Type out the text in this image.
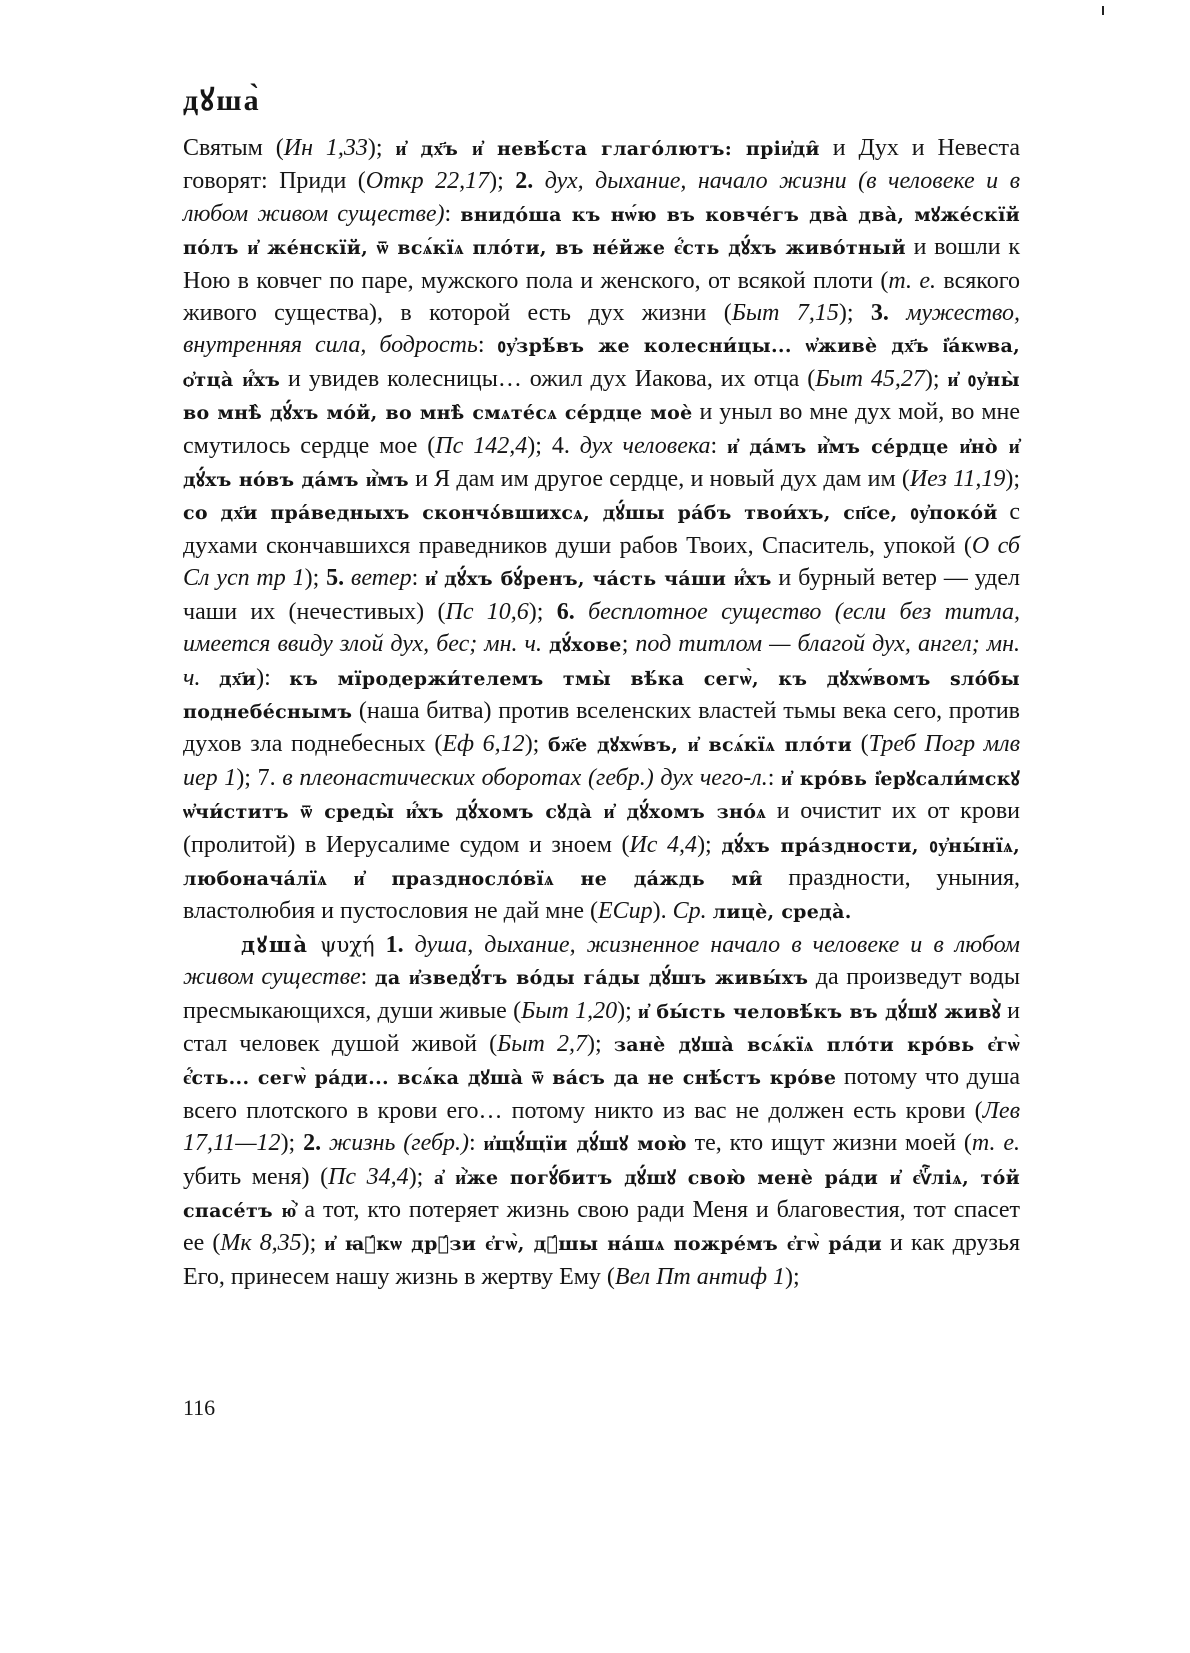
дꙋша̀

Святым (Ин 1,33); и҆ дх҃ъ и҆ невѣ́ста глаго́лютъ: пріи҆ди̑ и Дух и Невеста говорят: Приди (Откр 22,17); 2. дух, дыхание, начало жизни (в человеке и в любом живом существе): внидо́ша къ нѡ́ю въ ковче́гъ два̀ два̀, мꙋже́скїй по́лъ и҆ же́нскїй, ѿ всѧ́кїѧ пло́ти, въ не́йже є҆́сть дꙋ́хъ живо́тный и вошли к Ною в ковчег по паре, мужского пола и женского, от всякой плоти (т. е. всякого живого существа), в которой есть дух жизни (Быт 7,15); 3. мужество, внутренняя сила, бодрость: ᲂу҆зрѣ́въ же колесни́цы... ѡ҆живѐ дх҃ъ і҆а́кѡва, ѻ҆тца̀ и҆́хъ и увидев колесницы… ожил дух Иакова, их отца (Быт 45,27); и҆ ᲂу҆ны̀ во мнѣ̀ дꙋ́хъ мо́й, во мнѣ̀ смѧте́сѧ се́рдце моѐ и уныл во мне дух мой, во мне смутилось сердце мое (Пс 142,4); 4. дух человека: и҆ да́мъ и҆̀мъ се́рдце и҆но̀ и҆ дꙋ́хъ но́въ да́мъ и҆̀мъ и Я дам им другое сердце, и новый дух дам им (Иез 11,19); со дх҃и пра́ведныхъ скончა́вшихсѧ, дꙋ́шы ра́бъ твои́хъ, сп҃се, ᲂу҆поко́й с духами скончавшихся праведников души рабов Твоих, Спаситель, упокой (О сб Сл усп тр 1); 5. ветер: и҆ дꙋ́хъ бꙋ́ренъ, ча́сть ча́ши и҆́хъ и бурный ветер — удел чаши их (нечестивых) (Пс 10,6); 6. бесплотное существо (если без титла, имеется ввиду злой дух, бес; мн. ч. дꙋ́хове; под титлом — благой дух, ангел; мн. ч. дх҃и): къ мїродержи́телемъ тмы̀ вѣ́ка сегѡ̀, къ дꙋхѡ́вомъ ѕло́бы поднебе́снымъ (наша битва) против вселенских властей тьмы века сего, против духов зла поднебесных (Еф 6,12); бж҃е дꙋхѡ́въ, и҆ всѧ́кїѧ пло́ти (Треб Погр млв иер 1); 7. в плеонастических оборотах (гебр.) дух чего-л.: и҆ кро́вь і҆ерꙋсали́мскꙋ ѡ҆чи́ститъ ѿ среды̀ и҆́хъ дꙋ́хомъ сꙋда̀ и҆ дꙋ́хомъ зно́ѧ и очистит их от крови (пролитой) в Иерусалиме судом и зноем (Ис 4,4); дꙋ́хъ пра́здности, ᲂу҆ны́нїѧ, любонача́лїѧ и҆ праздносло́вїѧ не да́ждь ми̑ праздности, уныния, властолюбия и пустословия не дай мне (ЕСир). Ср. лицѐ, среда̀.

дꙋша̀ ψυχή 1. душа, дыхание, жизненное начало в человеке и в любом живом существе: да и҆зведꙋ́тъ во́ды га́ды дꙋ́шъ живы́хъ да произведут воды пресмыкающихся, души живые (Быт 1,20); и҆ бы́сть человѣ́къ въ дꙋ́шꙋ живꙋ̀ и стал человек душой живой (Быт 2,7); занѐ дꙋша̀ всѧ́кїѧ пло́ти кро́вь є҆гѡ̀ є҆́сть... сегѡ̀ ра́ди... всѧ́ка дꙋша̀ ѿ ва́съ да не снѣ́стъ кро́ве потому что душа всего плотского в крови его… потому никто из вас не должен есть крови (Лев 17,11—12); 2. жизнь (гебр.): и҆щꙋ́щїи дꙋ́шꙋ мою̀ те, кто ищут жизни моей (т. е. убить меня) (Пс 34,4); а҆ и҆̀же погꙋ́битъ дꙋ́шꙋ свою̀ менѐ ра́ди и҆ є҆ѵⷢ҇ліѧ, то́й спасе́тъ ю҆̀ а тот, кто потеряет жизнь свою ради Меня и благовестия, тот спасет ее (Мк 8,35); и҆ ꙗ҆́кѡ дрꙋ́зи є҆гѡ̀, дꙋ́шы на́шѧ пожре́мъ є҆гѡ̀ ра́ди и как друзья Его, принесем нашу жизнь в жертву Ему (Вел Пт антиф 1);

116
